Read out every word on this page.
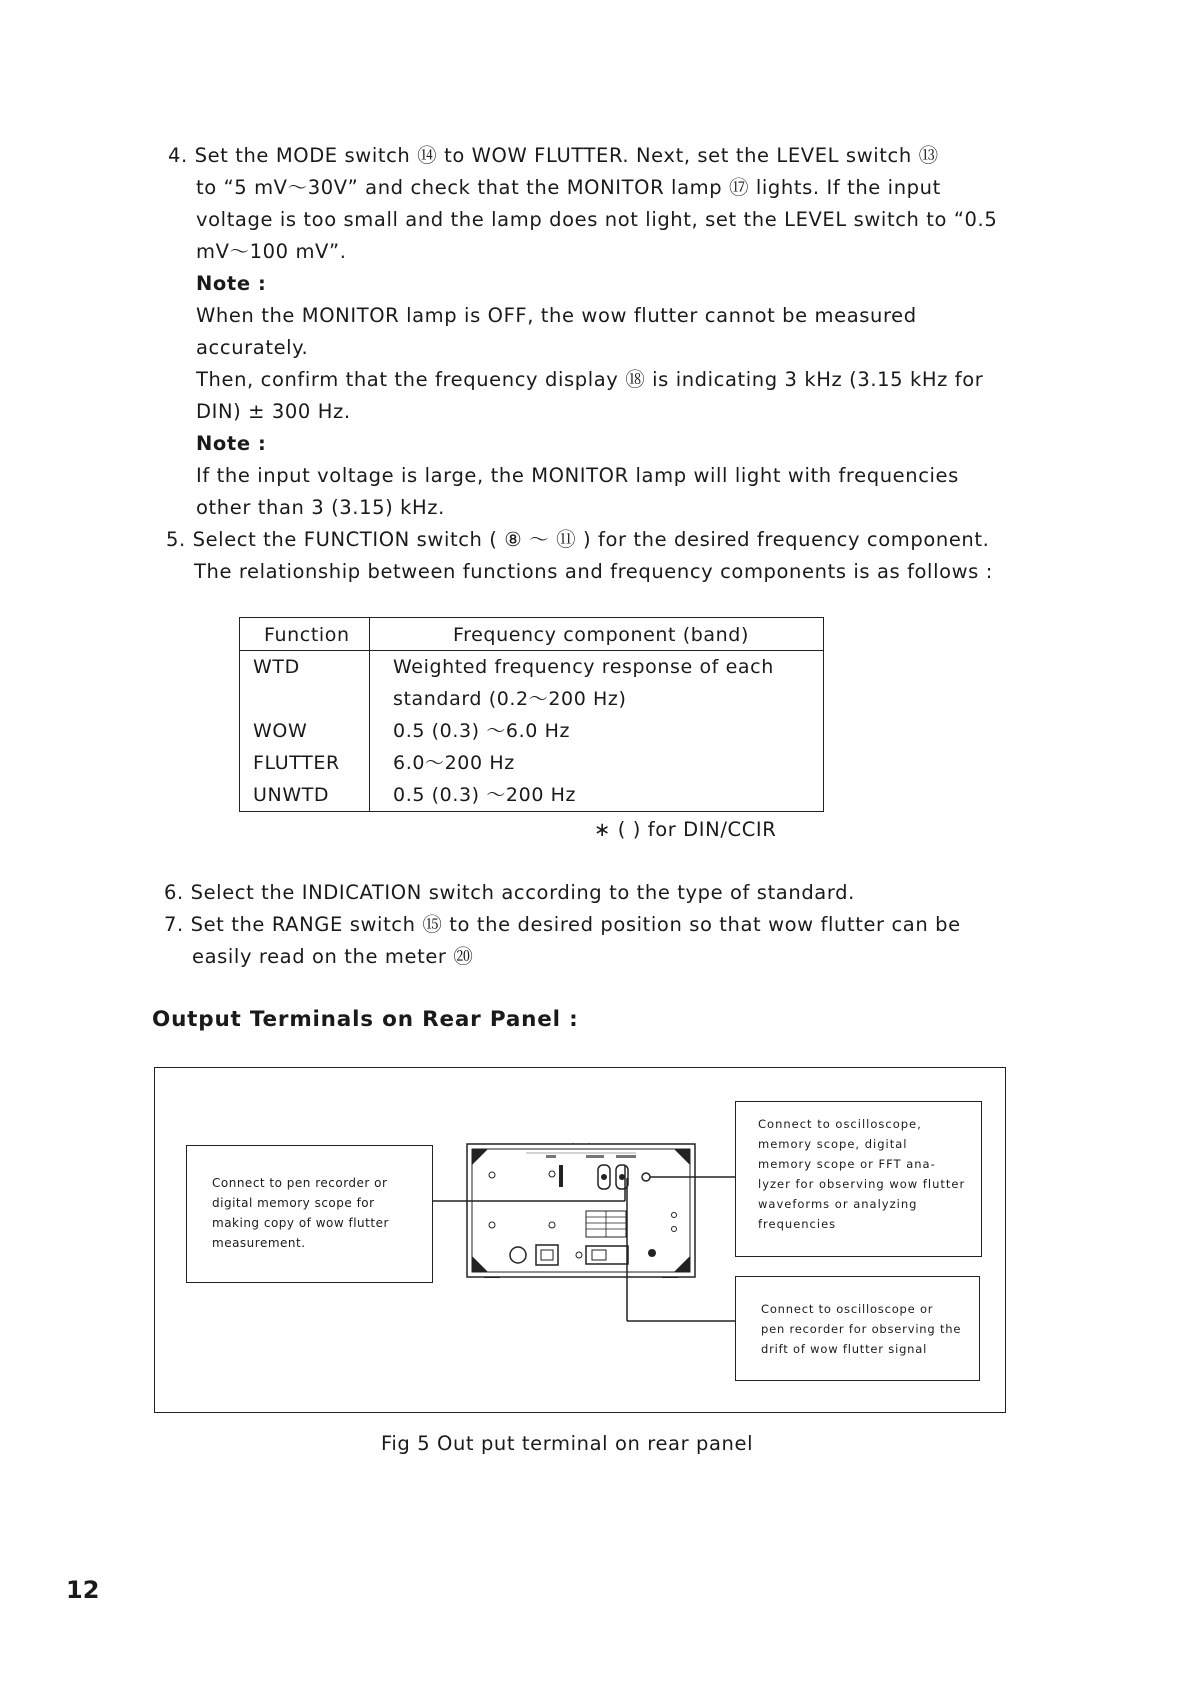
4. Set the MODE switch ⑭ to WOW FLUTTER. Next, set the LEVEL switch ⑬
to “5 mV～30V” and check that the MONITOR lamp ⑰ lights. If the input
voltage is too small and the lamp does not light, set the LEVEL switch to “0.5
mV～100 mV”.
Note :
When the MONITOR lamp is OFF, the wow flutter cannot be measured
accurately.
Then, confirm that the frequency display ⑱ is indicating 3 kHz (3.15 kHz for
DIN) ± 300 Hz.
Note :
If the input voltage is large, the MONITOR lamp will light with frequencies
other than 3 (3.15) kHz.
5. Select the FUNCTION switch ( ⑧ ～ ⑪ ) for the desired frequency component.
The relationship between functions and frequency components is as follows :
Function	Frequency component (band)
WTD	Weighted frequency response of each
standard (0.2～200 Hz)
WOW	0.5 (0.3) ～6.0 Hz
FLUTTER	6.0～200 Hz
UNWTD	0.5 (0.3) ～200 Hz
∗ ( ) for DIN/CCIR
6. Select the INDICATION switch according to the type of standard.
7. Set the RANGE switch ⑮ to the desired position so that wow flutter can be
easily read on the meter ⑳
Output Terminals on Rear Panel :
Connect to pen recorder or
digital memory scope for
making copy of wow flutter
measurement.
Connect to oscilloscope,
memory scope, digital
memory scope or FFT ana-
lyzer for observing wow flutter
waveforms or analyzing
frequencies
Connect to oscilloscope or
pen recorder for observing the
drift of wow flutter signal
Fig 5 Out put terminal on rear panel
12
